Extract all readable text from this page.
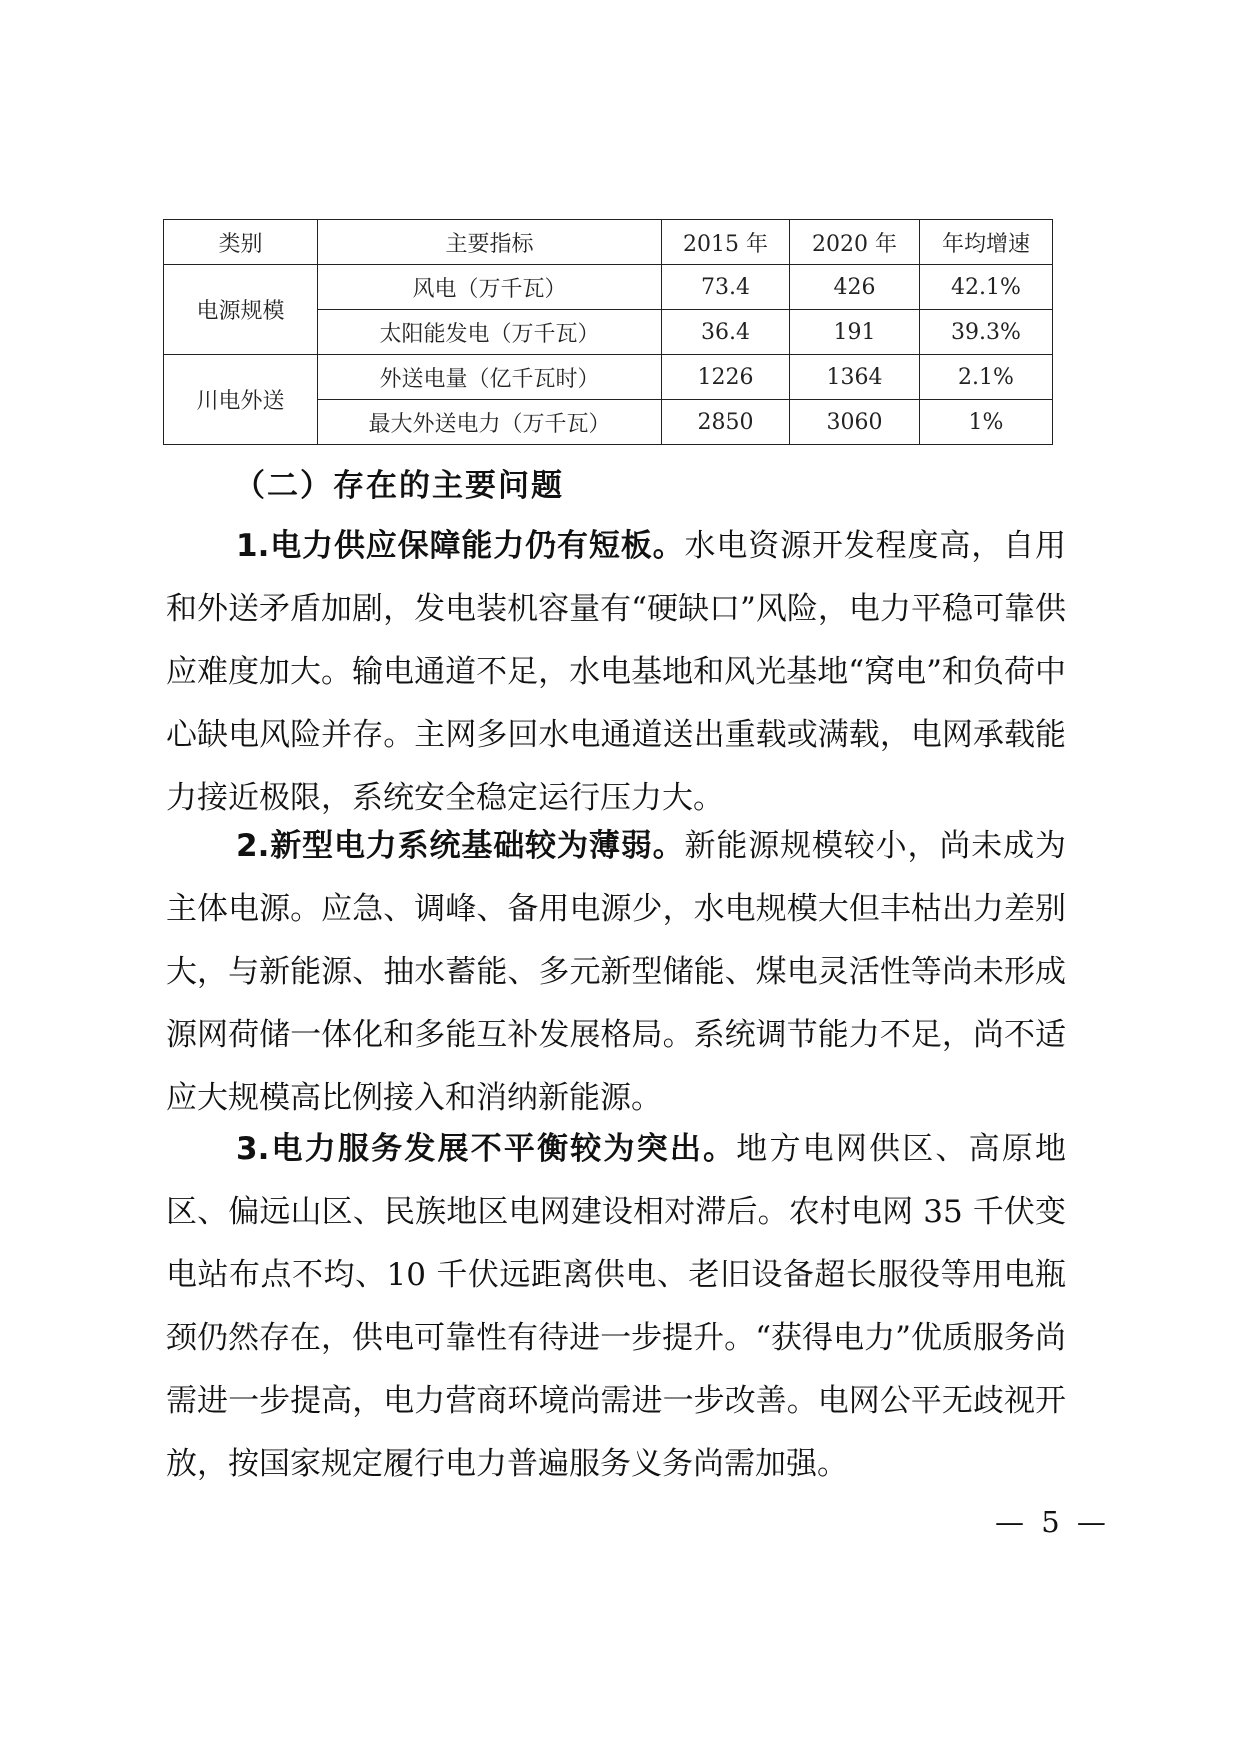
类别	主要指标	2015 年	2020 年	年均增速
电源规模	风电（万千瓦）	73.4	426	42.1%
	太阳能发电（万千瓦）	36.4	191	39.3%
川电外送	外送电量（亿千瓦时）	1226	1364	2.1%
	最大外送电力（万千瓦）	2850	3060	1%
（二）存在的主要问题
1.电力供应保障能力仍有短板。水电资源开发程度高，自用和外送矛盾加剧，发电装机容量有“硬缺口”风险，电力平稳可靠供应难度加大。输电通道不足，水电基地和风光基地“窝电”和负荷中心缺电风险并存。主网多回水电通道送出重载或满载，电网承载能力接近极限，系统安全稳定运行压力大。
2.新型电力系统基础较为薄弱。新能源规模较小，尚未成为主体电源。应急、调峰、备用电源少，水电规模大但丰枯出力差别大，与新能源、抽水蓄能、多元新型储能、煤电灵活性等尚未形成源网荷储一体化和多能互补发展格局。系统调节能力不足，尚不适应大规模高比例接入和消纳新能源。
3.电力服务发展不平衡较为突出。地方电网供区、高原地区、偏远山区、民族地区电网建设相对滞后。农村电网 35 千伏变电站布点不均、10 千伏远距离供电、老旧设备超长服役等用电瓶颈仍然存在，供电可靠性有待进一步提升。“获得电力”优质服务尚需进一步提高，电力营商环境尚需进一步改善。电网公平无歧视开放，按国家规定履行电力普遍服务义务尚需加强。
— 5 —
